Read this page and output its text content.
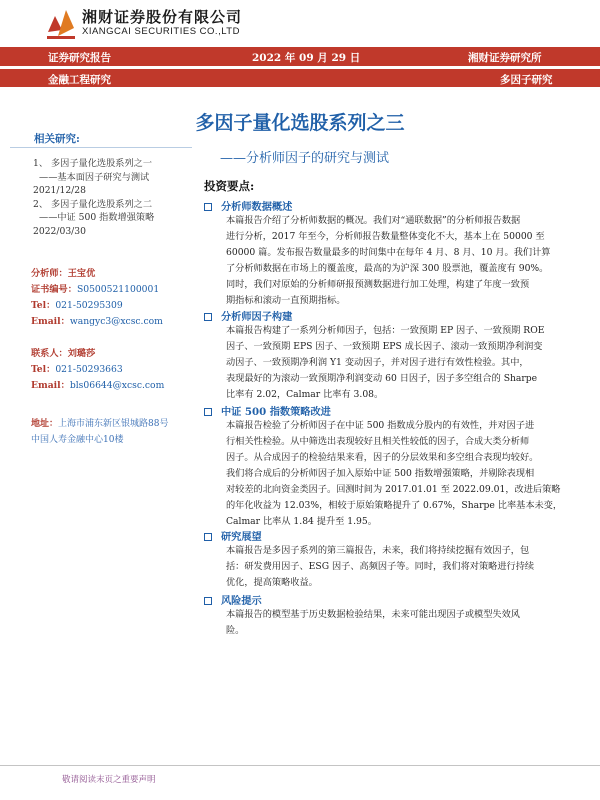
湘财证券股份有限公司
XIANGCAI SECURITIES CO.,LTD
证券研究报告	2022 年 09 月 29 日	湘财证券研究所
金融工程研究	多因子研究
多因子量化选股系列之三
——分析师因子的研究与测试
相关研究:
1、 多因子量化选股系列之一
——基本面因子研究与测试
2021/12/28
2、 多因子量化选股系列之二
——中证 500 指数增强策略
2022/03/30
分析师：王宝优
证书编号：S0500521100001
Tel：021-50295309
Email：wangyc3@xcsc.com
联系人：刘璐莎
Tel：021-50293663
Email：bls06644@xcsc.com
地址：上海市浦东新区银城路88号
中国人寿金融中心10楼
投资要点:
分析师数据概述
本篇报告介绍了分析师数据的概况。我们对“通联数据”的分析师报告数据
进行分析，2017 年至今，分析师报告数量整体变化不大，基本上在 50000 至
60000 篇。发布报告数量最多的时间集中在每年 4 月、8 月、10 月。我们计算
了分析师数据在市场上的覆盖度，最高的为沪深 300 股票池，覆盖度有 90%。
同时，我们对原始的分析师研报预测数据进行加工处理，构建了年度一致预
期指标和滚动一直预期指标。
分析师因子构建
本篇报告构建了一系列分析师因子，包括：一致预期 EP 因子、一致预期 ROE
因子、一致预期 EPS 因子、一致预期 EPS 成长因子、滚动一致预期净利润变
动因子、一致预期净利润 Y1 变动因子，并对因子进行有效性检验。其中，
表现最好的为滚动一致预期净利润变动 60 日因子，因子多空组合的 Sharpe
比率有 2.02，Calmar 比率有 3.08。
中证 500 指数策略改进
本篇报告检验了分析师因子在中证 500 指数成分股内的有效性，并对因子进
行相关性检验。从中筛选出表现较好且相关性较低的因子，合成大类分析师
因子。从合成因子的检验结果来看，因子的分层效果和多空组合表现均较好。
我们将合成后的分析师因子加入原始中证 500 指数增强策略，并剔除表现相
对较差的北向资金类因子。回测时间为 2017.01.01 至 2022.09.01，改进后策略
的年化收益为 12.03%，相较于原始策略提升了 0.67%，Sharpe 比率基本未变，
Calmar 比率从 1.84 提升至 1.95。
研究展望
本篇报告是多因子系列的第三篇报告，未来，我们将持续挖掘有效因子，包
括：研发费用因子、ESG 因子、高频因子等。同时，我们将对策略进行持续
优化，提高策略收益。
风险提示
本篇报告的模型基于历史数据检验结果，未来可能出现因子或模型失效风
险。
敬请阅读末页之重要声明
